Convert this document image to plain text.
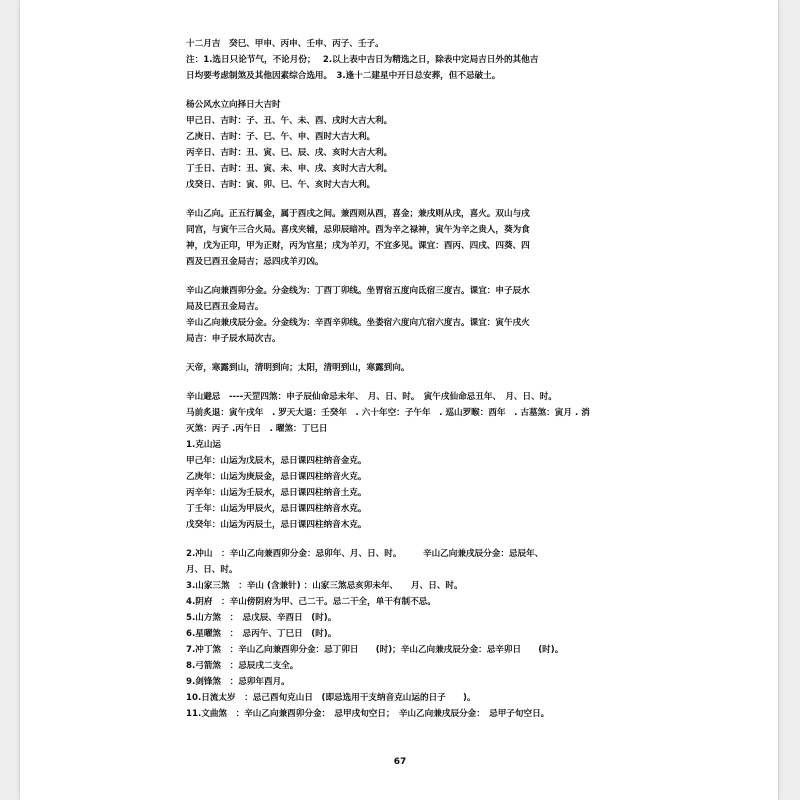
十二月吉　癸巳、甲申、丙申、壬申、丙子、壬子。
注：1.选日只论节气，不论月份；　 2.以上表中吉日为精选之日，除表中定局吉日外的其他吉
日均要考虑制煞及其他因素综合选用。　3.逢十二建星中开日总安葬，但不忌破土。
杨公风水立向择日大吉时
甲己日、吉时：子、丑、午、未、酉、戌时大吉大利。
乙庚日、吉时：子、巳、午、申、酉时大吉大利。
丙辛日、吉时：丑、寅、巳、辰、戌、亥时大吉大利。
丁壬日、吉时：丑、寅、未、申、戌、亥时大吉大利。
戊癸日、吉时：寅、卯、巳、午、亥时大吉大利。
辛山乙向。正五行属金，属于酉戌之间。兼酉则从酉，喜金；兼戌则从戌，喜火。双山与戌
同宫，与寅午三合火局。喜戌夹辅，忌卯辰暗冲。酉为辛之禄神，寅午为辛之贵人，葵为食
神，戊为正印，甲为正财，丙为官星；戌为羊刃，不宜多见。课宜：酉丙、四戌、四葵、四
酉及巳酉丑金局吉；忌四戌羊刃凶。
辛山乙向兼酉卯分金。分金线为：丁酉丁卯线。坐胃宿五度向氐宿三度吉。课宜：申子辰水
局及巳酉丑金局吉。
辛山乙向兼戌辰分金。分金线为：辛酉辛卯线。坐娄宿六度向亢宿六度吉。课宜：寅午戌火
局吉：申子辰水局次吉。
天帝，寒露到山，清明到向；太阳，清明到山，寒露到向。
辛山避忌　----天罡四煞：申子辰仙命忌未年、　月、日、时。　寅午戌仙命忌丑年、　月、日、时。
马前炙退：寅午戌年　. 罗天大退：壬癸年　. 六十年空：子午年　. 巡山罗睺：酉年　. 古墓煞：寅月 . 消
灭煞：丙子 .丙午日　. 曜煞：丁巳日
1.克山运
甲己年：山运为戊辰木，忌日课四柱纳音金克。
乙庚年：山运为庚辰金，忌日课四柱纳音火克。
丙辛年：山运为壬辰水，忌日课四柱纳音土克。
丁壬年：山运为甲辰火，忌日课四柱纳音水克。
戊癸年：山运为丙辰土，忌日课四柱纳音木克。
2.冲山　：辛山乙向兼酉卯分金：忌卯年、月、日、时。　　　辛山乙向兼戌辰分金：忌辰年、
月、日、时。
3.山家三煞　：辛山 (含兼针) ：山家三煞忌亥卯未年、　　月、日、时。
4.阴府　：辛山傍阴府为甲、己二干。忌二干全，单干有制不忌。
5.山方煞　：　忌戊辰、辛酉日　(时)。
6.星曜煞　：　忌丙午、丁巳日　(时)。
7.冲丁煞　：辛山乙向兼酉卯分金：忌丁卯日　　(时)；辛山乙向兼戌辰分金：忌辛卯日　　(时)。
8.弓箭煞　：忌辰戌二支全。
9.剑锋煞　：忌卯年酉月。
10.日流太岁　：忌己酉旬克山日　(即忌选用干支纳音克山运的日子　　)。
11.文曲煞　：辛山乙向兼酉卯分金：　忌甲戌旬空日；　辛山乙向兼戌辰分金：　忌甲子旬空日。
67
